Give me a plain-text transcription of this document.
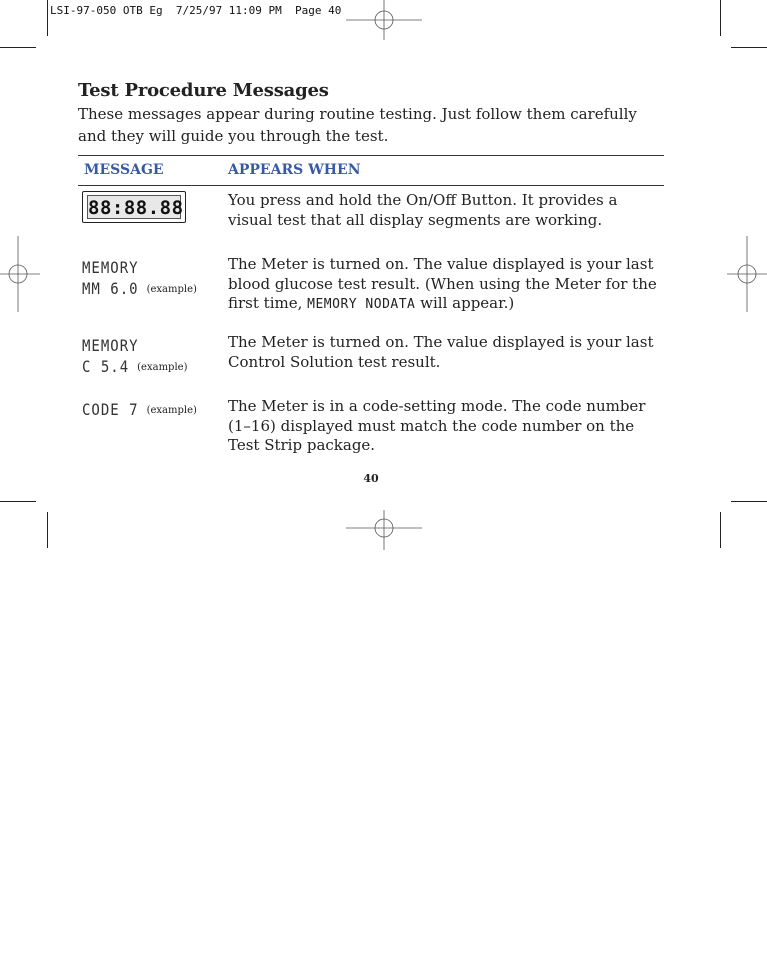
LSI-97-050 OTB Eg  7/25/97 11:09 PM  Page 40
Test Procedure Messages
These messages appear during routine testing. Just follow them carefully and they will guide you through the test.
MESSAGE	APPEARS WHEN
88:88.88	You press and hold the On/Off Button. It provides a visual test that all display segments are working.
MEMORY
MM 6.0 (example)
The Meter is turned on. The value displayed is your last blood glucose test result. (When using the Meter for the first time, MEMORY NODATA will appear.)
MEMORY
C 5.4 (example)
The Meter is turned on. The value displayed is your last Control Solution test result.
CODE 7 (example) The Meter is in a code-setting mode. The code number (1–16) displayed must match the code number on the Test Strip package.
40
